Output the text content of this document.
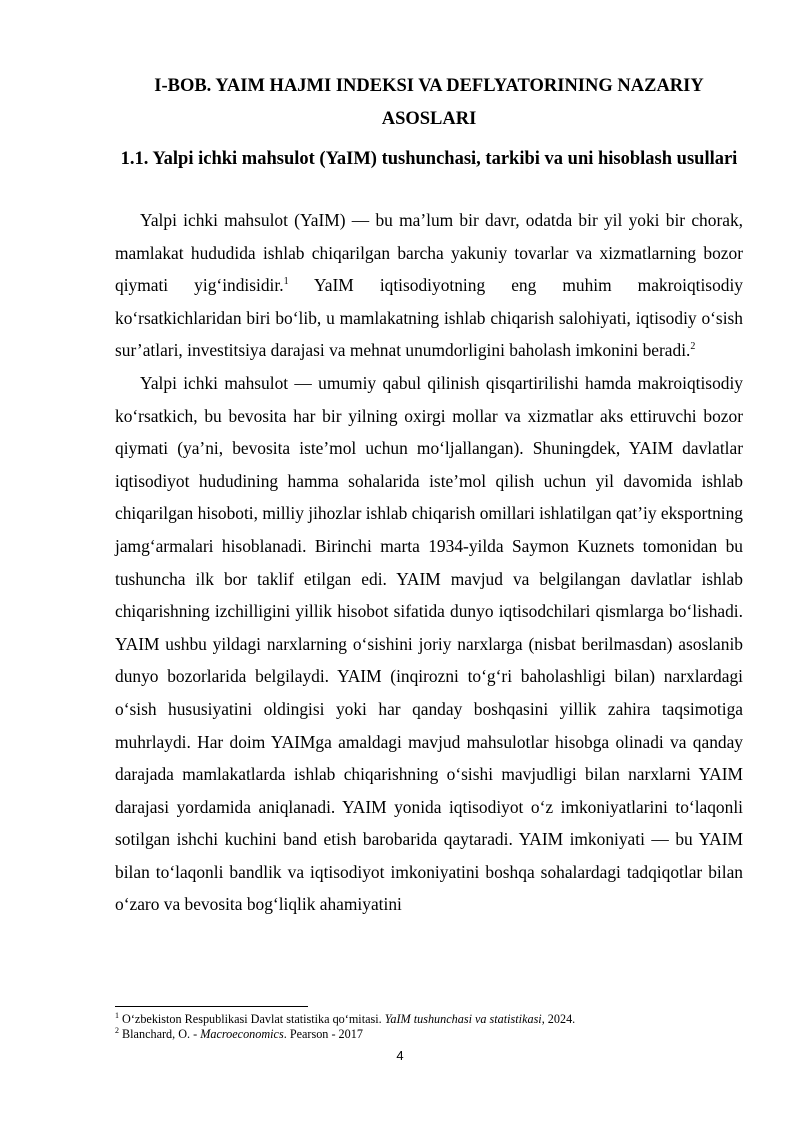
I-BOB. YAIM HAJMI INDEKSI VA DEFLYATORINING NAZARIY ASOSLARI
1.1. Yalpi ichki mahsulot (YaIM) tushunchasi, tarkibi va uni hisoblash usullari

Yalpi ichki mahsulot (YaIM) — bu ma’lum bir davr, odatda bir yil yoki bir chorak, mamlakat hududida ishlab chiqarilgan barcha yakuniy tovarlar va xizmatlarning bozor qiymati yig‘indisidir.$^1$ YaIM iqtisodiyotning eng muhim makroiqtisodiy ko‘rsatkichlaridan biri bo‘lib, u mamlakatning ishlab chiqarish salohiyati, iqtisodiy o‘sish sur’atlari, investitsiya darajasi va mehnat unumdorligini baholash imkonini beradi.$^2$

Yalpi ichki mahsulot — umumiy qabul qilinish qisqartirilishi hamda makroiqtisodiy ko‘rsatkich, bu bevosita har bir yilning oxirgi mollar va xizmatlar aks ettiruvchi bozor qiymati (ya’ni, bevosita iste’mol uchun mo‘ljallangan). Shuningdek, YAIM davlatlar iqtisodiyot hududining hamma sohalarida iste’mol qilish uchun yil davomida ishlab chiqarilgan hisoboti, milliy jihozlar ishlab chiqarish omillari ishlatilgan qat’iy eksportning jamg‘armalari hisoblanadi. Birinchi marta 1934-yilda Saymon Kuznets tomonidan bu tushuncha ilk bor taklif etilgan edi. YAIM mavjud va belgilangan davlatlar ishlab chiqarishning izchilligini yillik hisobot sifatida dunyo iqtisodchilari qismlarga bo‘lishadi. YAIM ushbu yildagi narxlarning o‘sishini joriy narxlarga (nisbat berilmasdan) asoslanib dunyo bozorlarida belgilaydi. YAIM (inqirozni to‘g‘ri baholashligi bilan) narxlardagi o‘sish hususiyatini oldingisi yoki har qanday boshqasini yillik zahira taqsimotiga muhrlaydi. Har doim YAIMga amaldagi mavjud mahsulotlar hisobga olinadi va qanday darajada mamlakatlarda ishlab chiqarishning o‘sishi mavjudligi bilan narxlarni YAIM darajasi yordamida aniqlanadi. YAIM yonida iqtisodiyot o‘z imkoniyatlarini to‘laqonli sotilgan ishchi kuchini band etish barobarida qaytaradi. YAIM imkoniyati — bu YAIM bilan to‘laqonli bandlik va iqtisodiyot imkoniyatini boshqa sohalardagi tadqiqotlar bilan o‘zaro va bevosita bog‘liqlik ahamiyatini

$^1$ O‘zbekiston Respublikasi Davlat statistika qo‘mitasi. YaIM tushunchasi va statistikasi, 2024.

$^2$ Blanchard, O. - Macroeconomics. Pearson - 2017

4
